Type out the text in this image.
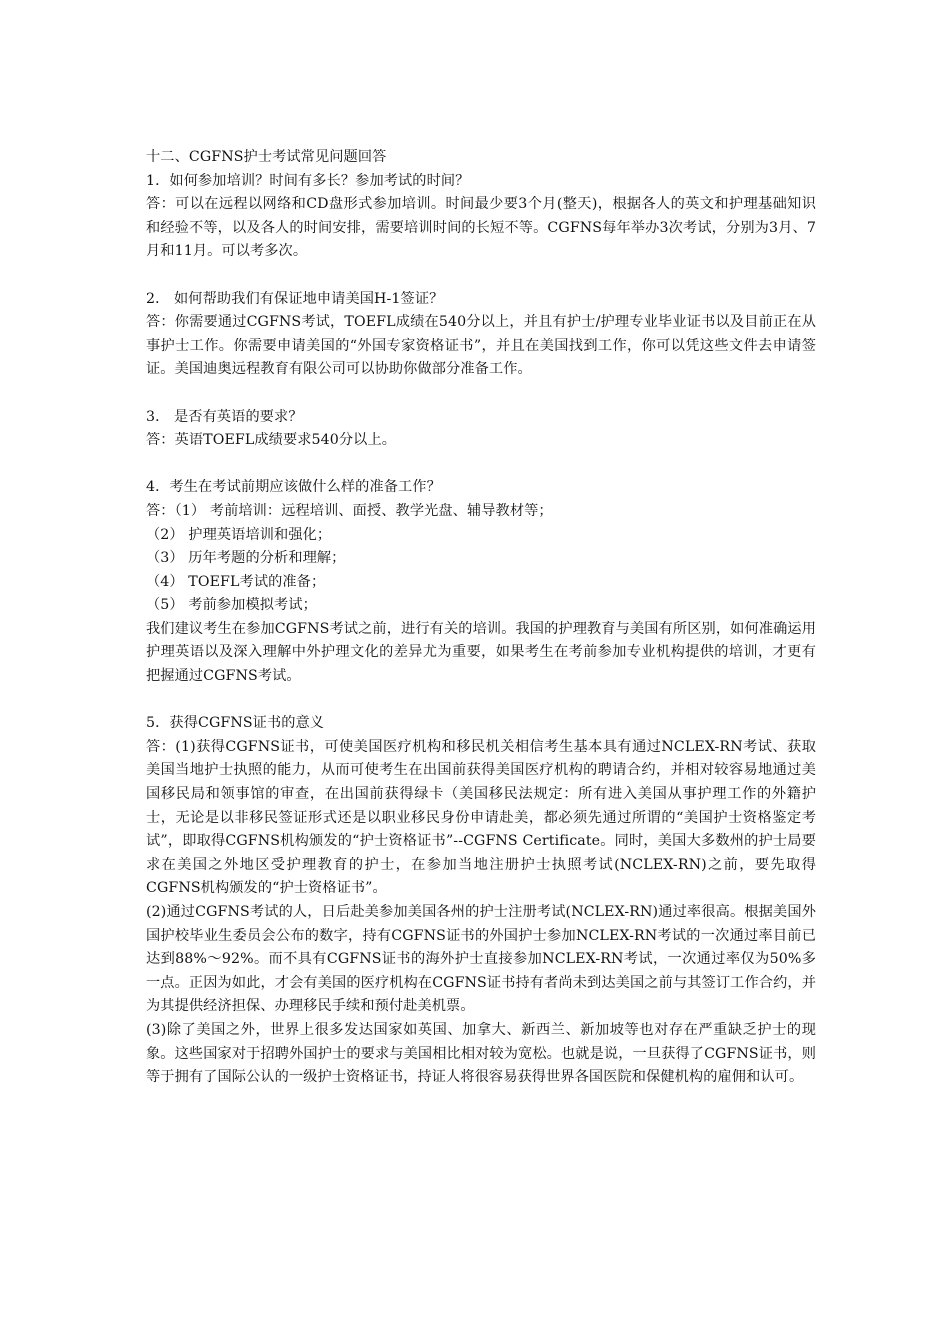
十二、CGFNS护士考试常见问题回答

1．如何参加培训？时间有多长？参加考试的时间？

答：可以在远程以网络和CD盘形式参加培训。时间最少要3个月(整天)，根据各人的英文和护理基础知识和经验不等，以及各人的时间安排，需要培训时间的长短不等。CGFNS每年举办3次考试，分别为3月、7月和11月。可以考多次。

2． 如何帮助我们有保证地申请美国H-1签证？

答：你需要通过CGFNS考试，TOEFL成绩在540分以上，并且有护士/护理专业毕业证书以及目前正在从事护士工作。你需要申请美国的“外国专家资格证书”，并且在美国找到工作，你可以凭这些文件去申请签证。美国迪奥远程教育有限公司可以协助你做部分准备工作。

3． 是否有英语的要求？

答：英语TOEFL成绩要求540分以上。

4．考生在考试前期应该做什么样的准备工作？

答：（1） 考前培训：远程培训、面授、教学光盘、辅导教材等；

（2） 护理英语培训和强化；

（3） 历年考题的分析和理解；

（4） TOEFL考试的准备；

（5） 考前参加模拟考试；

我们建议考生在参加CGFNS考试之前，进行有关的培训。我国的护理教育与美国有所区别，如何准确运用护理英语以及深入理解中外护理文化的差异尤为重要，如果考生在考前参加专业机构提供的培训，才更有把握通过CGFNS考试。

5．获得CGFNS证书的意义

答：(1)获得CGFNS证书，可使美国医疗机构和移民机关相信考生基本具有通过NCLEX-RN考试、获取美国当地护士执照的能力，从而可使考生在出国前获得美国医疗机构的聘请合约，并相对较容易地通过美国移民局和领事馆的审查，在出国前获得绿卡（美国移民法规定：所有进入美国从事护理工作的外籍护士，无论是以非移民签证形式还是以职业移民身份申请赴美，都必须先通过所谓的“美国护士资格鉴定考试”，即取得CGFNS机构颁发的“护士资格证书”--CGFNS Certificate。同时，美国大多数州的护士局要求在美国之外地区受护理教育的护士，在参加当地注册护士执照考试(NCLEX-RN)之前，要先取得CGFNS机构颁发的“护士资格证书”。

(2)通过CGFNS考试的人，日后赴美参加美国各州的护士注册考试(NCLEX-RN)通过率很高。根据美国外国护校毕业生委员会公布的数字，持有CGFNS证书的外国护士参加NCLEX-RN考试的一次通过率目前已达到88%～92%。而不具有CGFNS证书的海外护士直接参加NCLEX-RN考试，一次通过率仅为50%多一点。正因为如此，才会有美国的医疗机构在CGFNS证书持有者尚未到达美国之前与其签订工作合约，并为其提供经济担保、办理移民手续和预付赴美机票。

(3)除了美国之外，世界上很多发达国家如英国、加拿大、新西兰、新加坡等也对存在严重缺乏护士的现象。这些国家对于招聘外国护士的要求与美国相比相对较为宽松。也就是说，一旦获得了CGFNS证书，则等于拥有了国际公认的一级护士资格证书，持证人将很容易获得世界各国医院和保健机构的雇佣和认可。
